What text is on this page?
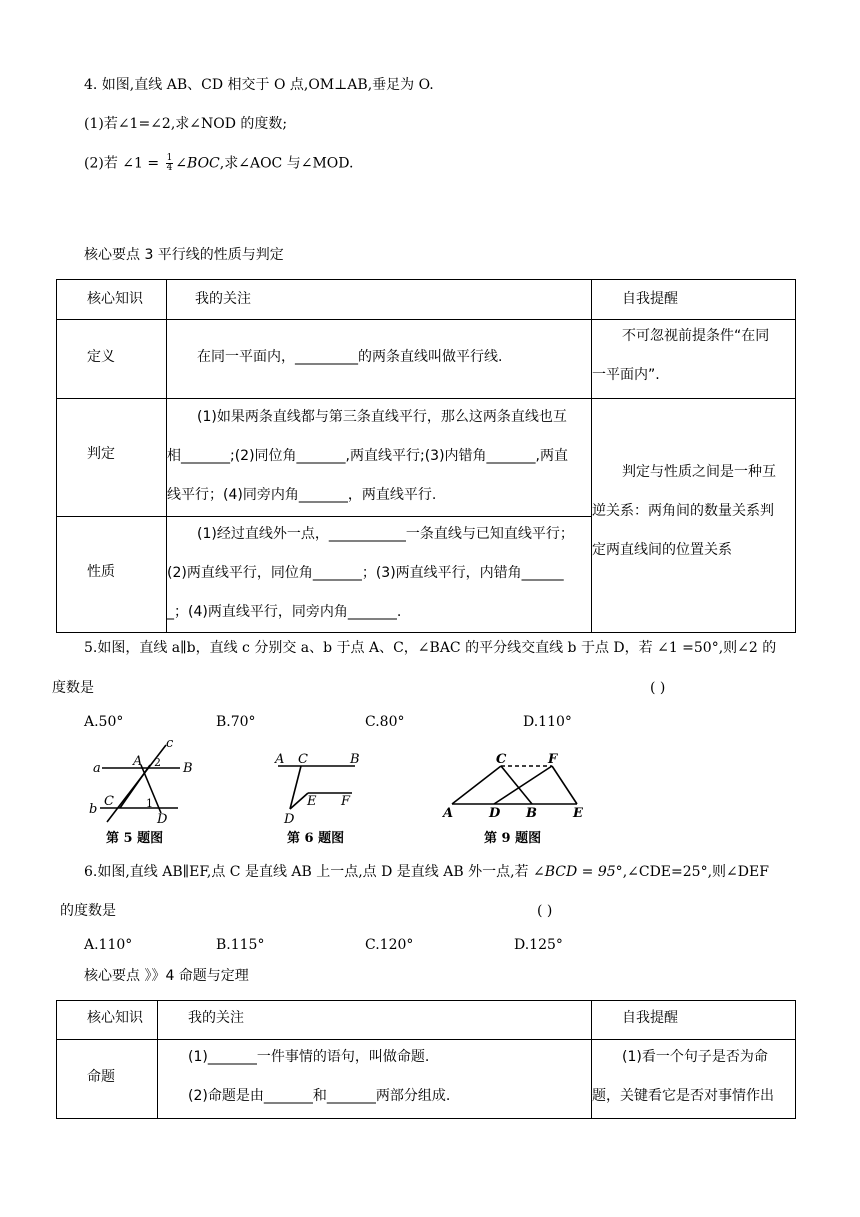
4. 如图,直线 AB、CD 相交于 O 点,OM⊥AB,垂足为 O.
(1)若∠1=∠2,求∠NOD 的度数;
(2)若 ∠1 = $\frac{1}{4}$ ∠BOC,求∠AOC 与∠MOD.
核心要点 3 平行线的性质与判定
核心知识	我的关注	自我提醒

定义	在同一平面内，_________的两条直线叫做平行线.	不可忽视前提条件“在同
一平面内”.

判定	(1)如果两条直线都与第三条直线平行，那么这两条直线也互
相_______;(2)同位角_______,两直线平行;(3)内错角_______,两直
线平行；(4)同旁内角_______，两直线平行.	判定与性质之间是一种互
逆关系：两角间的数量关系判
定两直线间的位置关系

性质	(1)经过直线外一点，___________一条直线与已知直线平行；
(2)两直线平行，同位角_______；(3)两直线平行，内错角______
_；(4)两直线平行，同旁内角_______.	
5.如图，直线 a∥b，直线 c 分别交 a、b 于点 A、C，∠BAC 的平分线交直线 b 于点 D，若 ∠1 =50°,则∠2 的
度数是	( )
A.50°	B.70°	C.80°	D.110°
a
b
c
A	B
C
D
1
2
第 5 题图
A C	B
E F
D
第 6 题图
C	F
A	D B	E
第 9 题图
6.如图,直线 AB∥EF,点 C 是直线 AB 上一点,点 D 是直线 AB 外一点,若 ∠BCD = 95°,∠CDE=25°,则∠DEF
的度数是	( )
A.110°	B.115°	C.120°	D.125°
核心要点 》》4 命题与定理
核心知识	我的关注	自我提醒

命题	(1)_______一件事情的语句，叫做命题.
(2)命题是由_______和_______两部分组成.	(1)看一个句子是否为命
题，关键看它是否对事情作出
